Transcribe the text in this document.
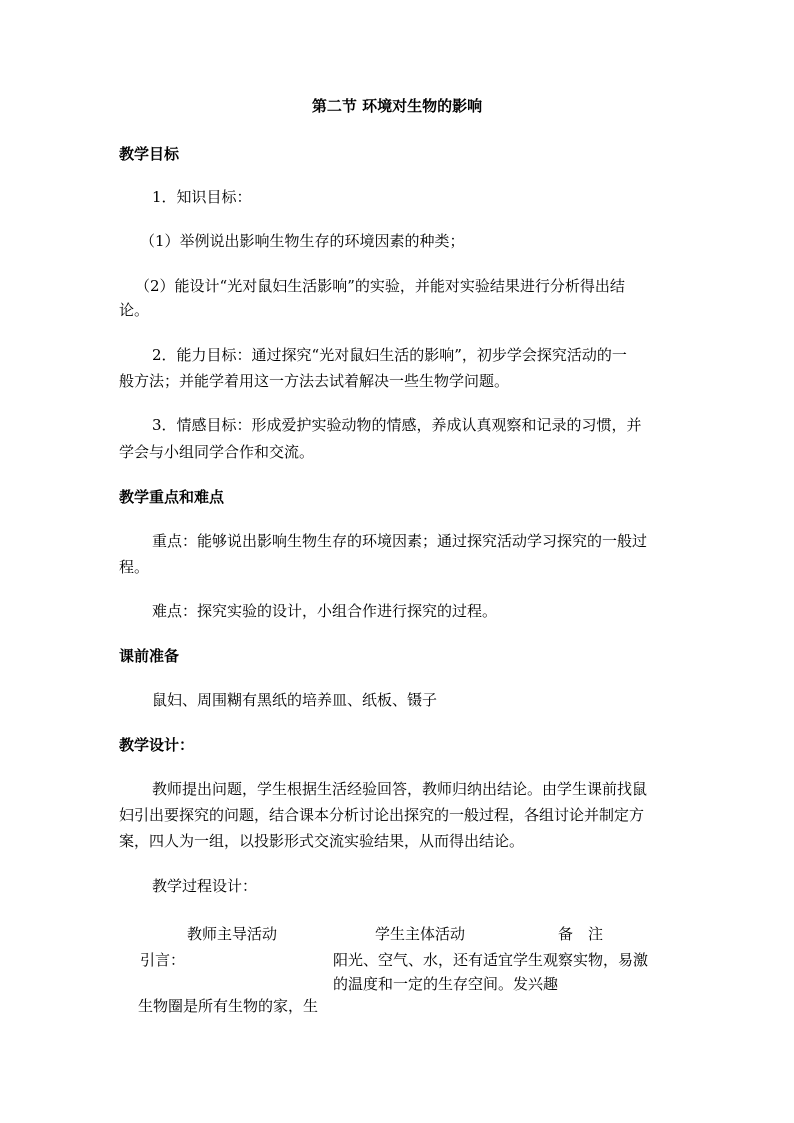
第二节 环境对生物的影响
教学目标
1．知识目标：
（1）举例说出影响生物生存的环境因素的种类；
（2）能设计“光对鼠妇生活影响”的实验，并能对实验结果进行分析得出结
论。
2．能力目标：通过探究“光对鼠妇生活的影响”，初步学会探究活动的一
般方法；并能学着用这一方法去试着解决一些生物学问题。
3．情感目标：形成爱护实验动物的情感，养成认真观察和记录的习惯，并
学会与小组同学合作和交流。
教学重点和难点
重点：能够说出影响生物生存的环境因素；通过探究活动学习探究的一般过
程。
难点：探究实验的设计，小组合作进行探究的过程。
课前准备
鼠妇、周围糊有黑纸的培养皿、纸板、镊子
教学设计：
教师提出问题，学生根据生活经验回答，教师归纳出结论。由学生课前找鼠
妇引出要探究的问题，结合课本分析讨论出探究的一般过程，各组讨论并制定方
案，四人为一组，以投影形式交流实验结果，从而得出结论。
教学过程设计：
教师主导活动	学生主体活动	备　注
引言：	阳光、空气、水，还有适宜学生观察实物，易激
的温度和一定的生存空间。发兴趣
生物圈是所有生物的家，生
